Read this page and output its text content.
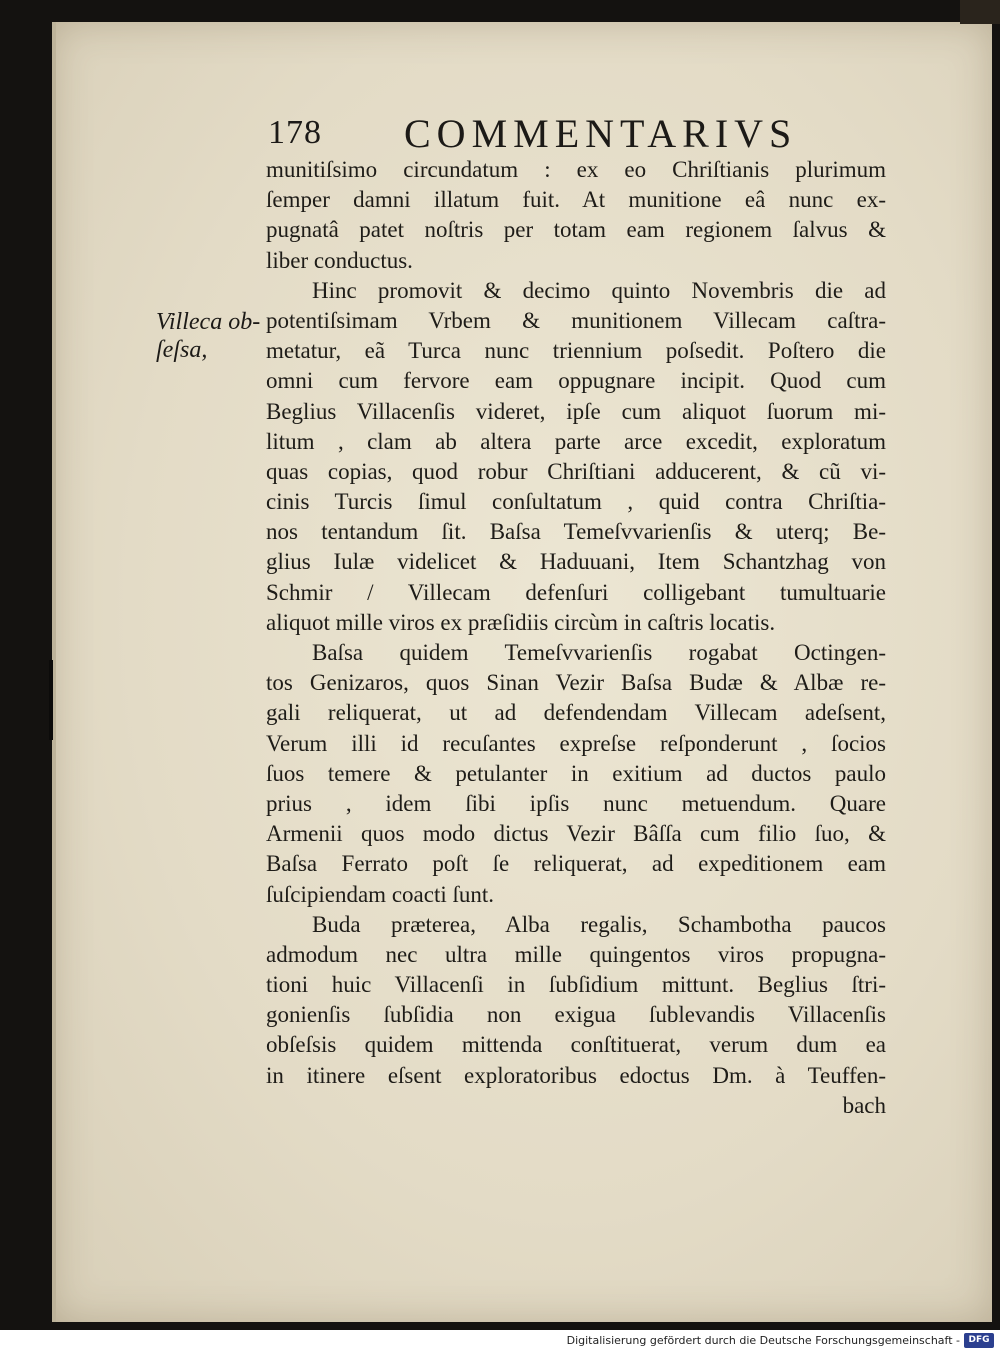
178 COMMENTARIVS
Villeca ob-
ſeſsa,
munitiſsimo circundatum : ex eo Chriſtianis plurimum
ſemper damni illatum fuit. At munitione eâ nunc ex-
pugnatâ patet noſtris per totam eam regionem ſalvus &
liber conductus.
Hinc promovit & decimo quinto Novembris die ad
potentiſsimam Vrbem & munitionem Villecam caſtra-
metatur, eã Turca nunc triennium poſsedit. Poſtero die
omni cum fervore eam oppugnare incipit. Quod cum
Beglius Villacenſis videret, ipſe cum aliquot ſuorum mi-
litum , clam ab altera parte arce excedit, exploratum
quas copias, quod robur Chriſtiani adducerent, & cũ vi-
cinis Turcis ſimul conſultatum , quid contra Chriſtia-
nos tentandum ſit. Baſsa Temeſvvarienſis & uterq; Be-
glius Iulæ videlicet & Haduuani, Item Schantzhag von
Schmir / Villecam defenſuri colligebant tumultuarie
aliquot mille viros ex præſidiis circùm in caſtris locatis.
Baſsa quidem Temeſvvarienſis rogabat Octingen-
tos Genizaros, quos Sinan Vezir Baſsa Budæ & Albæ re-
gali reliquerat, ut ad defendendam Villecam adeſsent,
Verum illi id recuſantes expreſse reſponderunt , ſocios
ſuos temere & petulanter in exitium ad ductos paulo
prius , idem ſibi ipſis nunc metuendum. Quare
Armenii quos modo dictus Vezir Bâſſa cum filio ſuo, &
Baſsa Ferrato poſt ſe reliquerat, ad expeditionem eam
ſuſcipiendam coacti ſunt.
Buda præterea, Alba regalis, Schambotha paucos
admodum nec ultra mille quingentos viros propugna-
tioni huic Villacenſi in ſubſidium mittunt. Beglius ſtri-
gonienſis ſubſidia non exigua ſublevandis Villacenſis
obſeſsis quidem mittenda conſtituerat, verum dum ea
in itinere eſsent exploratoribus edoctus Dm. à Teuffen-
bach
Digitalisierung gefördert durch die Deutsche Forschungsgemeinschaft - DFG
